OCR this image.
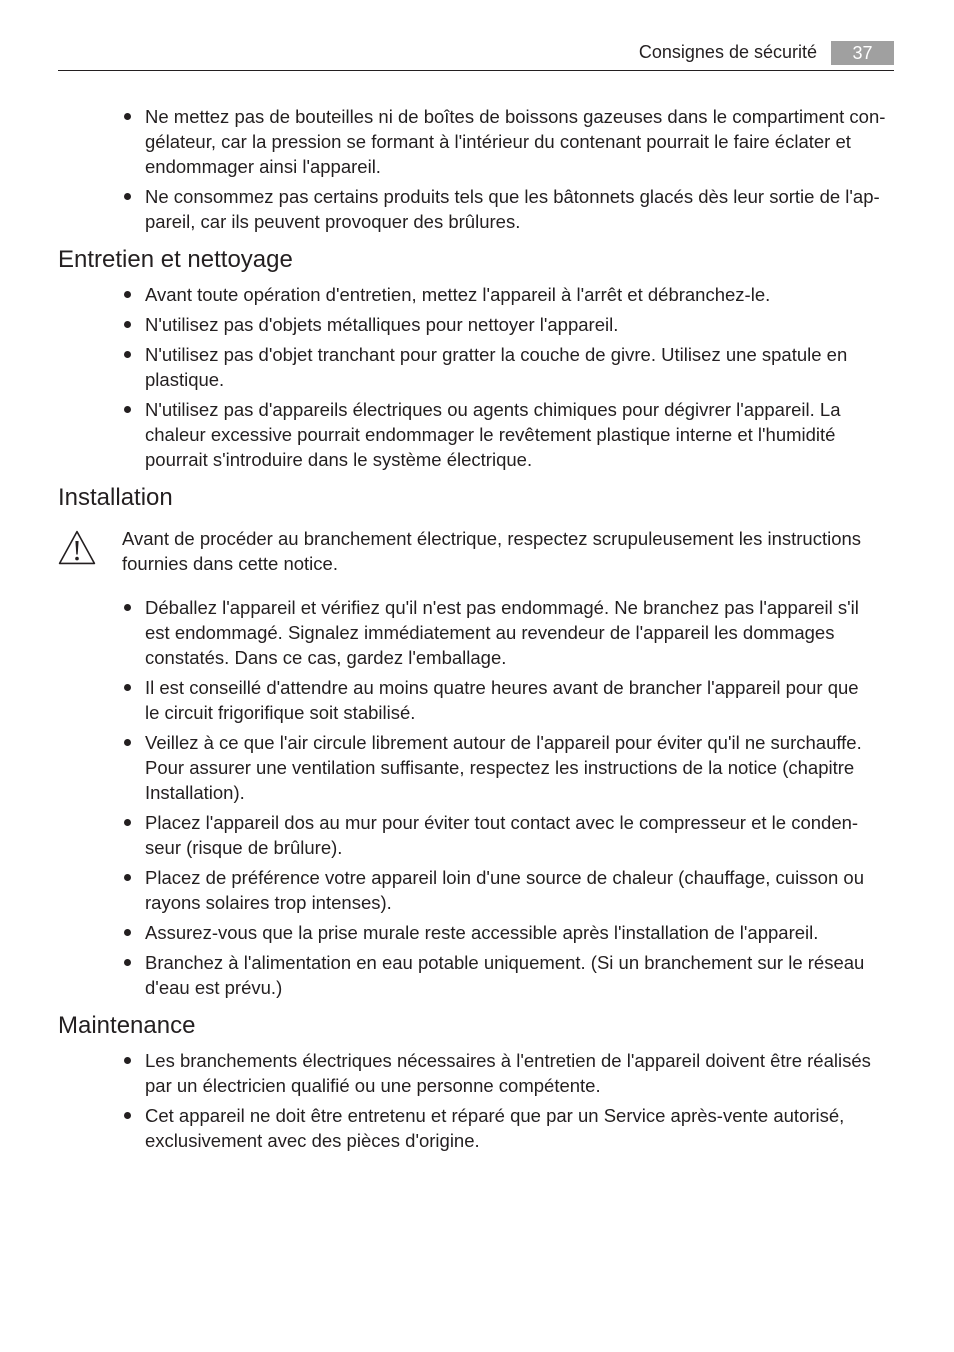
Consignes de sécurité	37
Ne mettez pas de bouteilles ni de boîtes de boissons gazeuses dans le compartiment con-
gélateur, car la pression se formant à l'intérieur du contenant pourrait le faire éclater et
endommager ainsi l'appareil.
Ne consommez pas certains produits tels que les bâtonnets glacés dès leur sortie de l'ap-
pareil, car ils peuvent provoquer des brûlures.
Entretien et nettoyage
Avant toute opération d'entretien, mettez l'appareil à l'arrêt et débranchez-le.
N'utilisez pas d'objets métalliques pour nettoyer l'appareil.
N'utilisez pas d'objet tranchant pour gratter la couche de givre. Utilisez une spatule en
plastique.
N'utilisez pas d'appareils électriques ou agents chimiques pour dégivrer l'appareil. La
chaleur excessive pourrait endommager le revêtement plastique interne et l'humidité
pourrait s'introduire dans le système électrique.
Installation
Avant de procéder au branchement électrique, respectez scrupuleusement les instructions
fournies dans cette notice.
Déballez l'appareil et vérifiez qu'il n'est pas endommagé. Ne branchez pas l'appareil s'il
est endommagé. Signalez immédiatement au revendeur de l'appareil les dommages
constatés. Dans ce cas, gardez l'emballage.
Il est conseillé d'attendre au moins quatre heures avant de brancher l'appareil pour que
le circuit frigorifique soit stabilisé.
Veillez à ce que l'air circule librement autour de l'appareil pour éviter qu'il ne surchauffe.
Pour assurer une ventilation suffisante, respectez les instructions de la notice (chapitre
Installation).
Placez l'appareil dos au mur pour éviter tout contact avec le compresseur et le conden-
seur (risque de brûlure).
Placez de préférence votre appareil loin d'une source de chaleur (chauffage, cuisson ou
rayons solaires trop intenses).
Assurez-vous que la prise murale reste accessible après l'installation de l'appareil.
Branchez à l'alimentation en eau potable uniquement. (Si un branchement sur le réseau
d'eau est prévu.)
Maintenance
Les branchements électriques nécessaires à l'entretien de l'appareil doivent être réalisés
par un électricien qualifié ou une personne compétente.
Cet appareil ne doit être entretenu et réparé que par un Service après-vente autorisé,
exclusivement avec des pièces d'origine.
